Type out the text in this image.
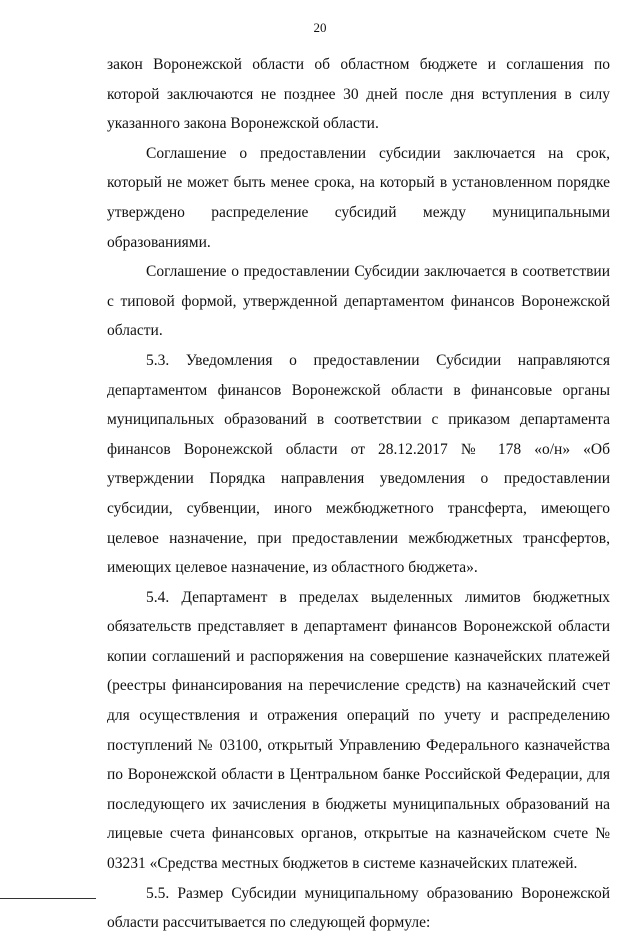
20

закон Воронежской области об областном бюджете и соглашения по которой заключаются не позднее 30 дней после дня вступления в силу указанного закона Воронежской области.

Соглашение о предоставлении субсидии заключается на срок, который не может быть менее срока, на который в установленном порядке утверждено распределение субсидий между муниципальными образованиями.

Соглашение о предоставлении Субсидии заключается в соответствии с типовой формой, утвержденной департаментом финансов Воронежской области.

5.3. Уведомления о предоставлении Субсидии направляются департаментом финансов Воронежской области в финансовые органы муниципальных образований в соответствии с приказом департамента финансов Воронежской области от 28.12.2017 № 178 «о/н» «Об утверждении Порядка направления уведомления о предоставлении субсидии, субвенции, иного межбюджетного трансферта, имеющего целевое назначение, при предоставлении межбюджетных трансфертов, имеющих целевое назначение, из областного бюджета».

5.4. Департамент в пределах выделенных лимитов бюджетных обязательств представляет в департамент финансов Воронежской области копии соглашений и распоряжения на совершение казначейских платежей (реестры финансирования на перечисление средств) на казначейский счет для осуществления и отражения операций по учету и распределению поступлений № 03100, открытый Управлению Федерального казначейства по Воронежской области в Центральном банке Российской Федерации, для последующего их зачисления в бюджеты муниципальных образований на лицевые счета финансовых органов, открытые на казначейском счете № 03231 «Средства местных бюджетов в системе казначейских платежей.

5.5. Размер Субсидии муниципальному образованию Воронежской области рассчитывается по следующей формуле:
